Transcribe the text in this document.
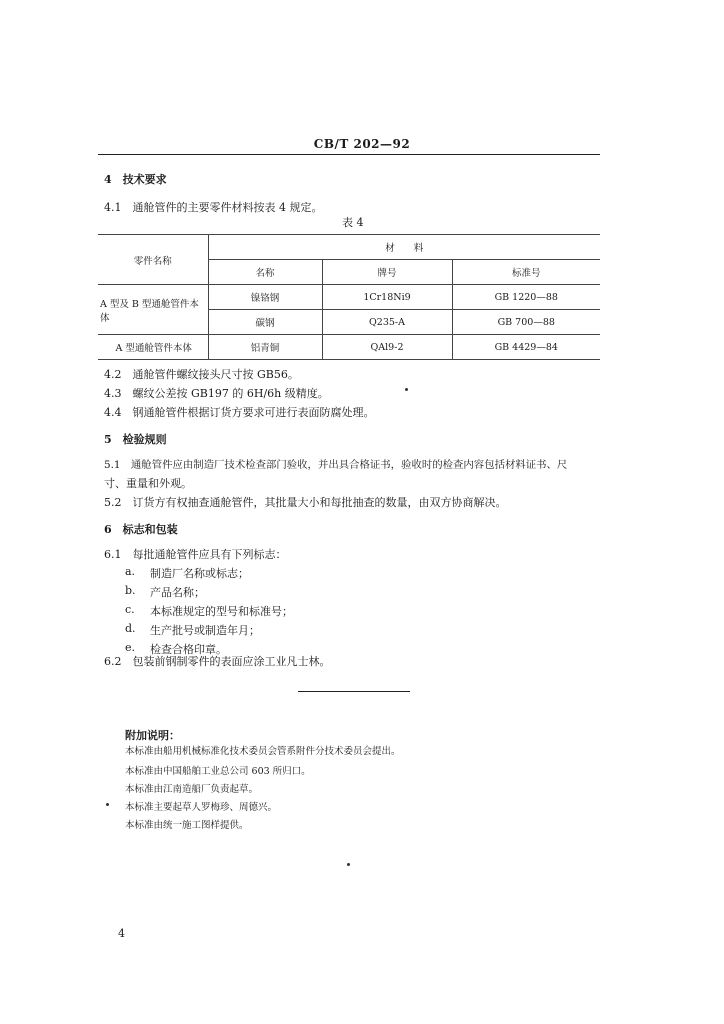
CB/T 202—92
4　技术要求
4.1　通舱管件的主要零件材料按表 4 规定。
表 4
零件名称	材　　料		
	名称	牌号	标准号
A 型及 B 型通舱管件本体	镍铬钢	1Cr18Ni9	GB 1220—88
	碳钢	Q235-A	GB 700—88
A 型通舱管件本体	铝青铜	QAl9-2	GB 4429—84
4.2　通舱管件螺纹接头尺寸按 GB56。
4.3　螺纹公差按 GB197 的 6H/6h 级精度。
4.4　钢通舱管件根据订货方要求可进行表面防腐处理。
5　检验规则
5.1　通舱管件应由制造厂技术检查部门验收，并出具合格证书，验收时的检查内容包括材料证书、尺
寸、重量和外观。
5.2　订货方有权抽查通舱管件，其批量大小和每批抽查的数量，由双方协商解决。
6　标志和包装
6.1　每批通舱管件应具有下列标志：
a. 制造厂名称或标志；
b. 产品名称；
c. 本标准规定的型号和标准号；
d. 生产批号或制造年月；
e. 检查合格印章。
6.2　包装前钢制零件的表面应涂工业凡士林。
附加说明：
本标准由船用机械标准化技术委员会管系附件分技术委员会提出。
本标准由中国船舶工业总公司 603 所归口。
本标准由江南造船厂负责起草。
本标准主要起草人罗梅珍、周德兴。
本标准由统一施工图样提供。
4
